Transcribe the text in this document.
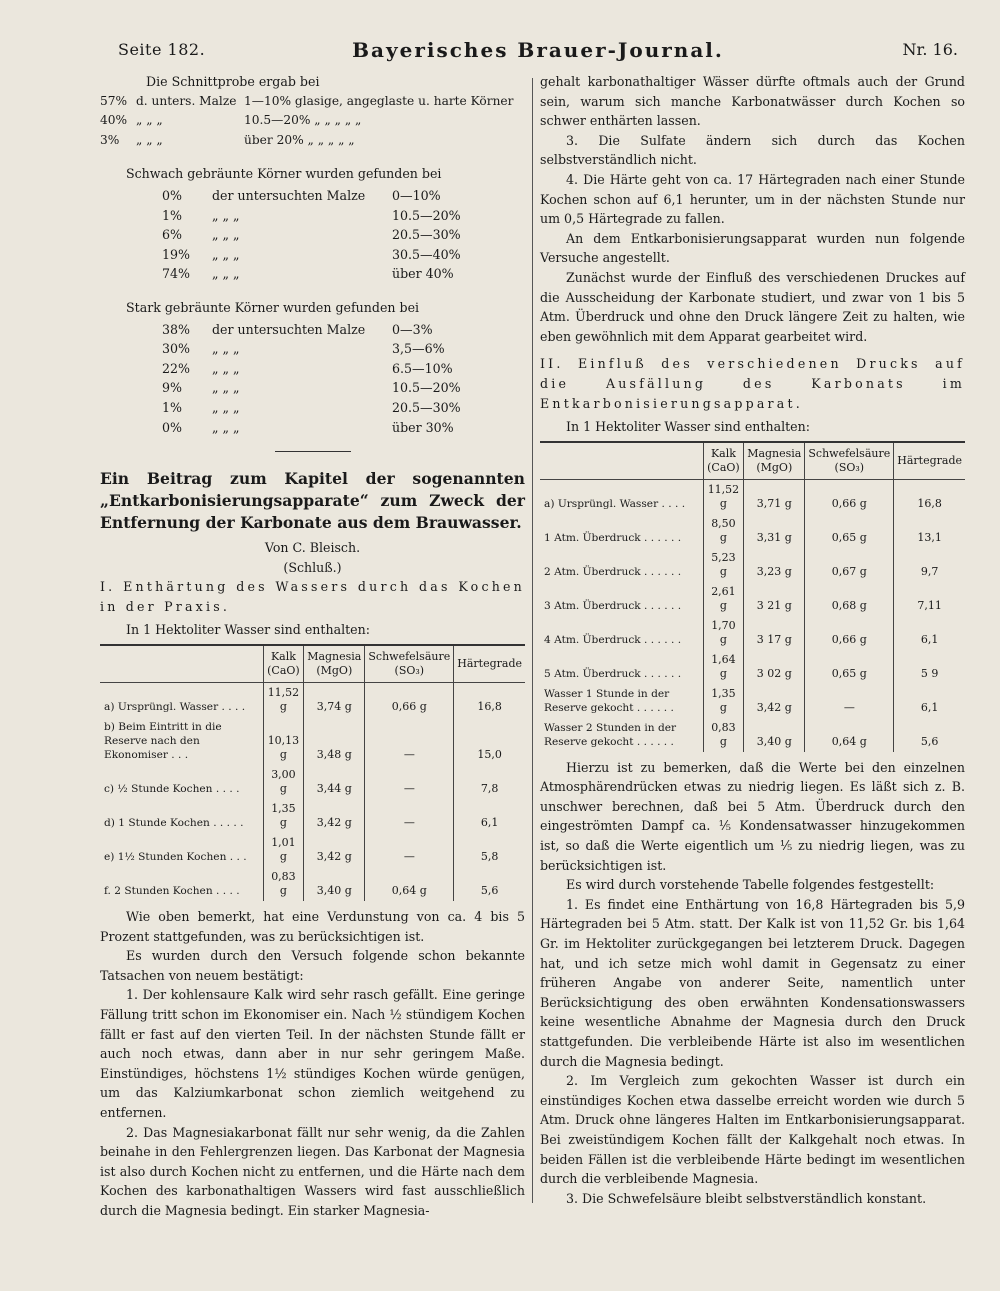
Seite 182.	Bayerisches Brauer-Journal.	Nr. 16.

Die Schnittprobe ergab bei

57% d. unters. Malze 1—10% glasige, angeglaste u. harte Körner
40% „ „ „	10.5—20% „ „ „ „ „
3%	„ „ „	über 20% „ „ „ „ „

Schwach gebräunte Körner wurden gefunden bei

0%	der untersuchten Malze 0—10%
1%	„ „ „	10.5—20%
6%	„ „ „	20.5—30%
19%	„ „ „	30.5—40%
74%	„ „ „	über 40%

Stark gebräunte Körner wurden gefunden bei

38%	der untersuchten Malze 0—3%
30%	„ „ „	3,5—6%
22%	„ „ „	6.5—10%
9%	„ „ „	10.5—20%
1%	„ „ „	20.5—30%
0%	„ „ „	über 30%
Ein Beitrag zum Kapitel der sogenannten „Entkarbonisierungsapparate“ zum Zweck der Entfernung der Karbonate aus dem Brauwasser.

Von C. Bleisch.

(Schluß.)

I. Enthärtung des Wassers durch das Kochen in der Praxis.

In 1 Hektoliter Wasser sind enthalten:

	Kalk (CaO)	Magnesia (MgO)	Schwefelsäure (SO₃)	Härtegrade
a) Ursprüngl. Wasser . . . .	11,52 g	3,74 g	0,66 g	16,8
b) Beim Eintritt in die Reserve nach den Ekonomiser . . .	10,13 g	3,48 g	—	15,0
c) ½ Stunde Kochen . . . .	3,00 g	3,44 g	—	7,8
d) 1 Stunde Kochen . . . . .	1,35 g	3,42 g	—	6,1
e) 1½ Stunden Kochen . . .	1,01 g	3,42 g	—	5,8
f. 2 Stunden Kochen . . . .	0,83 g	3,40 g	0,64 g	5,6

Wie oben bemerkt, hat eine Verdunstung von ca. 4 bis 5 Prozent stattgefunden, was zu berücksichtigen ist.

Es wurden durch den Versuch folgende schon bekannte Tatsachen von neuem bestätigt:

1. Der kohlensaure Kalk wird sehr rasch gefällt. Eine geringe Fällung tritt schon im Ekonomiser ein. Nach ½ stündigem Kochen fällt er fast auf den vierten Teil. In der nächsten Stunde fällt er auch noch etwas, dann aber in nur sehr geringem Maße. Einstündiges, höchstens 1½ stündiges Kochen würde genügen, um das Kalziumkarbonat schon ziemlich weitgehend zu entfernen.

2. Das Magnesiakarbonat fällt nur sehr wenig, da die Zahlen beinahe in den Fehlergrenzen liegen. Das Karbonat der Magnesia ist also durch Kochen nicht zu entfernen, und die Härte nach dem Kochen des karbonathaltigen Wassers wird fast ausschließlich durch die Magnesia bedingt. Ein starker Magnesia-

gehalt karbonathaltiger Wässer dürfte oftmals auch der Grund sein, warum sich manche Karbonatwässer durch Kochen so schwer enthärten lassen.

3. Die Sulfate ändern sich durch das Kochen selbstverständlich nicht.

4. Die Härte geht von ca. 17 Härtegraden nach einer Stunde Kochen schon auf 6,1 herunter, um in der nächsten Stunde nur um 0,5 Härtegrade zu fallen.

An dem Entkarbonisierungsapparat wurden nun folgende Versuche angestellt.

Zunächst wurde der Einfluß des verschiedenen Druckes auf die Ausscheidung der Karbonate studiert, und zwar von 1 bis 5 Atm. Überdruck und ohne den Druck längere Zeit zu halten, wie eben gewöhnlich mit dem Apparat gearbeitet wird.

II. Einfluß des verschiedenen Drucks auf die Ausfällung des Karbonats im Entkarbonisierungsapparat.

In 1 Hektoliter Wasser sind enthalten:

	Kalk (CaO)	Magnesia (MgO)	Schwefelsäure (SO₃)	Härtegrade
a) Ursprüngl. Wasser . . . .	11,52 g	3,71 g	0,66 g	16,8
1 Atm. Überdruck . . . . . .	8,50 g	3,31 g	0,65 g	13,1
2 Atm. Überdruck . . . . . .	5,23 g	3,23 g	0,67 g	9,7
3 Atm. Überdruck . . . . . .	2,61 g	3 21 g	0,68 g	7,11
4 Atm. Überdruck . . . . . .	1,70 g	3 17 g	0,66 g	6,1
5 Atm. Überdruck . . . . . .	1,64 g	3 02 g	0,65 g	5 9
Wasser 1 Stunde in der Reserve gekocht . . . . . .	1,35 g	3,42 g	—	6,1
Wasser 2 Stunden in der Reserve gekocht . . . . . .	0,83 g	3,40 g	0,64 g	5,6

Hierzu ist zu bemerken, daß die Werte bei den einzelnen Atmosphärendrücken etwas zu niedrig liegen. Es läßt sich z. B. unschwer berechnen, daß bei 5 Atm. Überdruck durch den eingeströmten Dampf ca. ⅕ Kondensatwasser hinzugekommen ist, so daß die Werte eigentlich um ⅕ zu niedrig liegen, was zu berücksichtigen ist.

Es wird durch vorstehende Tabelle folgendes festgestellt:

1. Es findet eine Enthärtung von 16,8 Härtegraden bis 5,9 Härtegraden bei 5 Atm. statt. Der Kalk ist von 11,52 Gr. bis 1,64 Gr. im Hektoliter zurückgegangen bei letzterem Druck. Dagegen hat, und ich setze mich wohl damit in Gegensatz zu einer früheren Angabe von anderer Seite, namentlich unter Berücksichtigung des oben erwähnten Kondensationswassers keine wesentliche Abnahme der Magnesia durch den Druck stattgefunden. Die verbleibende Härte ist also im wesentlichen durch die Magnesia bedingt.

2. Im Vergleich zum gekochten Wasser ist durch ein einstündiges Kochen etwa dasselbe erreicht worden wie durch 5 Atm. Druck ohne längeres Halten im Entkarbonisierungsapparat. Bei zweistündigem Kochen fällt der Kalkgehalt noch etwas. In beiden Fällen ist die verbleibende Härte bedingt im wesentlichen durch die verbleibende Magnesia.

3. Die Schwefelsäure bleibt selbstverständlich konstant.
